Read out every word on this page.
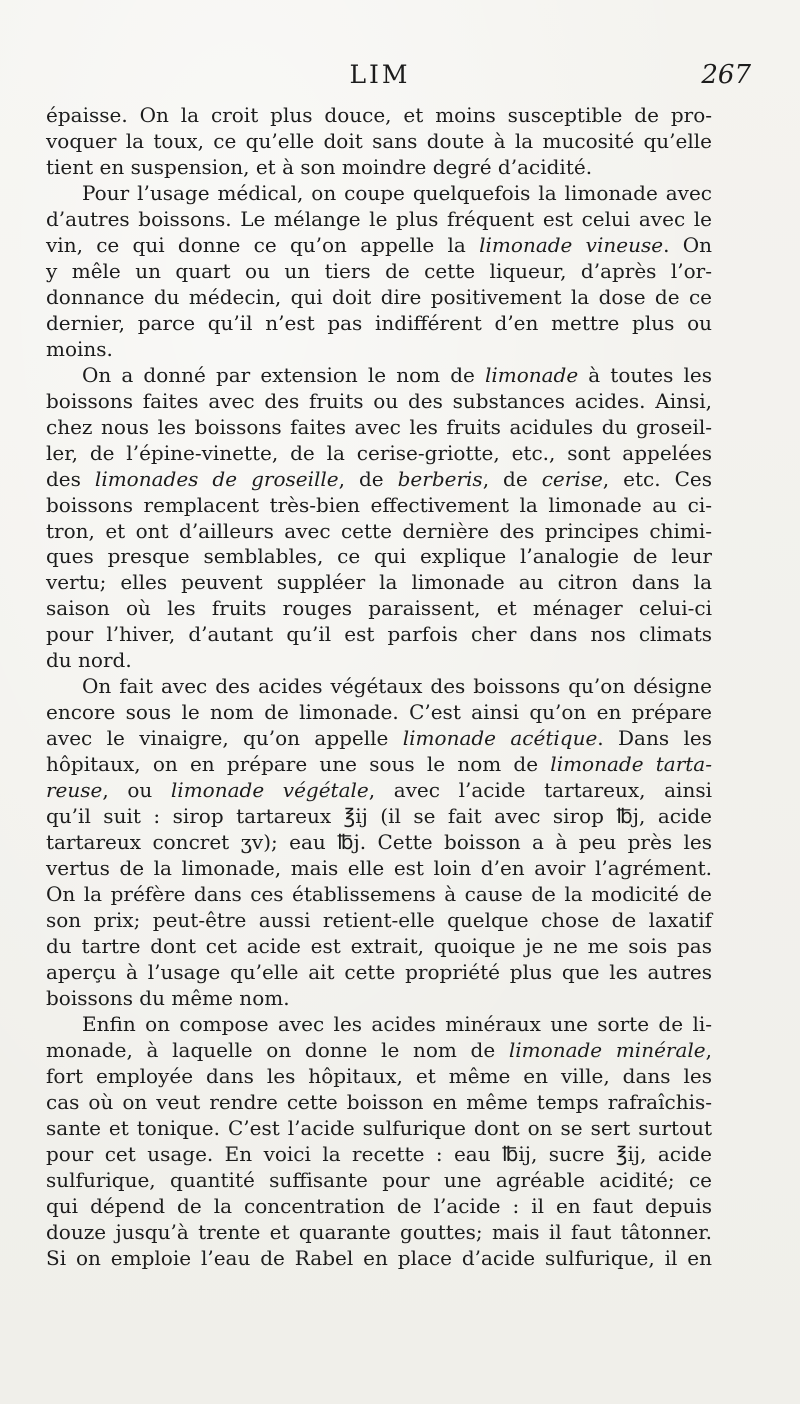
LIM	267
épaisse. On la croit plus douce, et moins susceptible de pro-
voquer la toux, ce qu’elle doit sans doute à la mucosité qu’elle
tient en suspension, et à son moindre degré d’acidité.
Pour l’usage médical, on coupe quelquefois la limonade avec
d’autres boissons. Le mélange le plus fréquent est celui avec le
vin, ce qui donne ce qu’on appelle la limonade vineuse. On
y mêle un quart ou un tiers de cette liqueur, d’après l’or-
donnance du médecin, qui doit dire positivement la dose de ce
dernier, parce qu’il n’est pas indifférent d’en mettre plus ou
moins.
On a donné par extension le nom de limonade à toutes les
boissons faites avec des fruits ou des substances acides. Ainsi,
chez nous les boissons faites avec les fruits acidules du groseil-
ler, de l’épine-vinette, de la cerise-griotte, etc., sont appelées
des limonades de groseille, de berberis, de cerise, etc. Ces
boissons remplacent très-bien effectivement la limonade au ci-
tron, et ont d’ailleurs avec cette dernière des principes chimi-
ques presque semblables, ce qui explique l’analogie de leur
vertu; elles peuvent suppléer la limonade au citron dans la
saison où les fruits rouges paraissent, et ménager celui-ci
pour l’hiver, d’autant qu’il est parfois cher dans nos climats
du nord.
On fait avec des acides végétaux des boissons qu’on désigne
encore sous le nom de limonade. C’est ainsi qu’on en prépare
avec le vinaigre, qu’on appelle limonade acétique. Dans les
hôpitaux, on en prépare une sous le nom de limonade tarta-
reuse, ou limonade végétale, avec l’acide tartareux, ainsi
qu’il suit : sirop tartareux ℥ij (il se fait avec sirop ℔j, acide
tartareux concret ʒv); eau ℔j. Cette boisson a à peu près les
vertus de la limonade, mais elle est loin d’en avoir l’agrément.
On la préfère dans ces établissemens à cause de la modicité de
son prix; peut-être aussi retient-elle quelque chose de laxatif
du tartre dont cet acide est extrait, quoique je ne me sois pas
aperçu à l’usage qu’elle ait cette propriété plus que les autres
boissons du même nom.
Enfin on compose avec les acides minéraux une sorte de li-
monade, à laquelle on donne le nom de limonade minérale,
fort employée dans les hôpitaux, et même en ville, dans les
cas où on veut rendre cette boisson en même temps rafraîchis-
sante et tonique. C’est l’acide sulfurique dont on se sert surtout
pour cet usage. En voici la recette : eau ℔ij, sucre ℥ij, acide
sulfurique, quantité suffisante pour une agréable acidité; ce
qui dépend de la concentration de l’acide : il en faut depuis
douze jusqu’à trente et quarante gouttes; mais il faut tâtonner.
Si on emploie l’eau de Rabel en place d’acide sulfurique, il en
